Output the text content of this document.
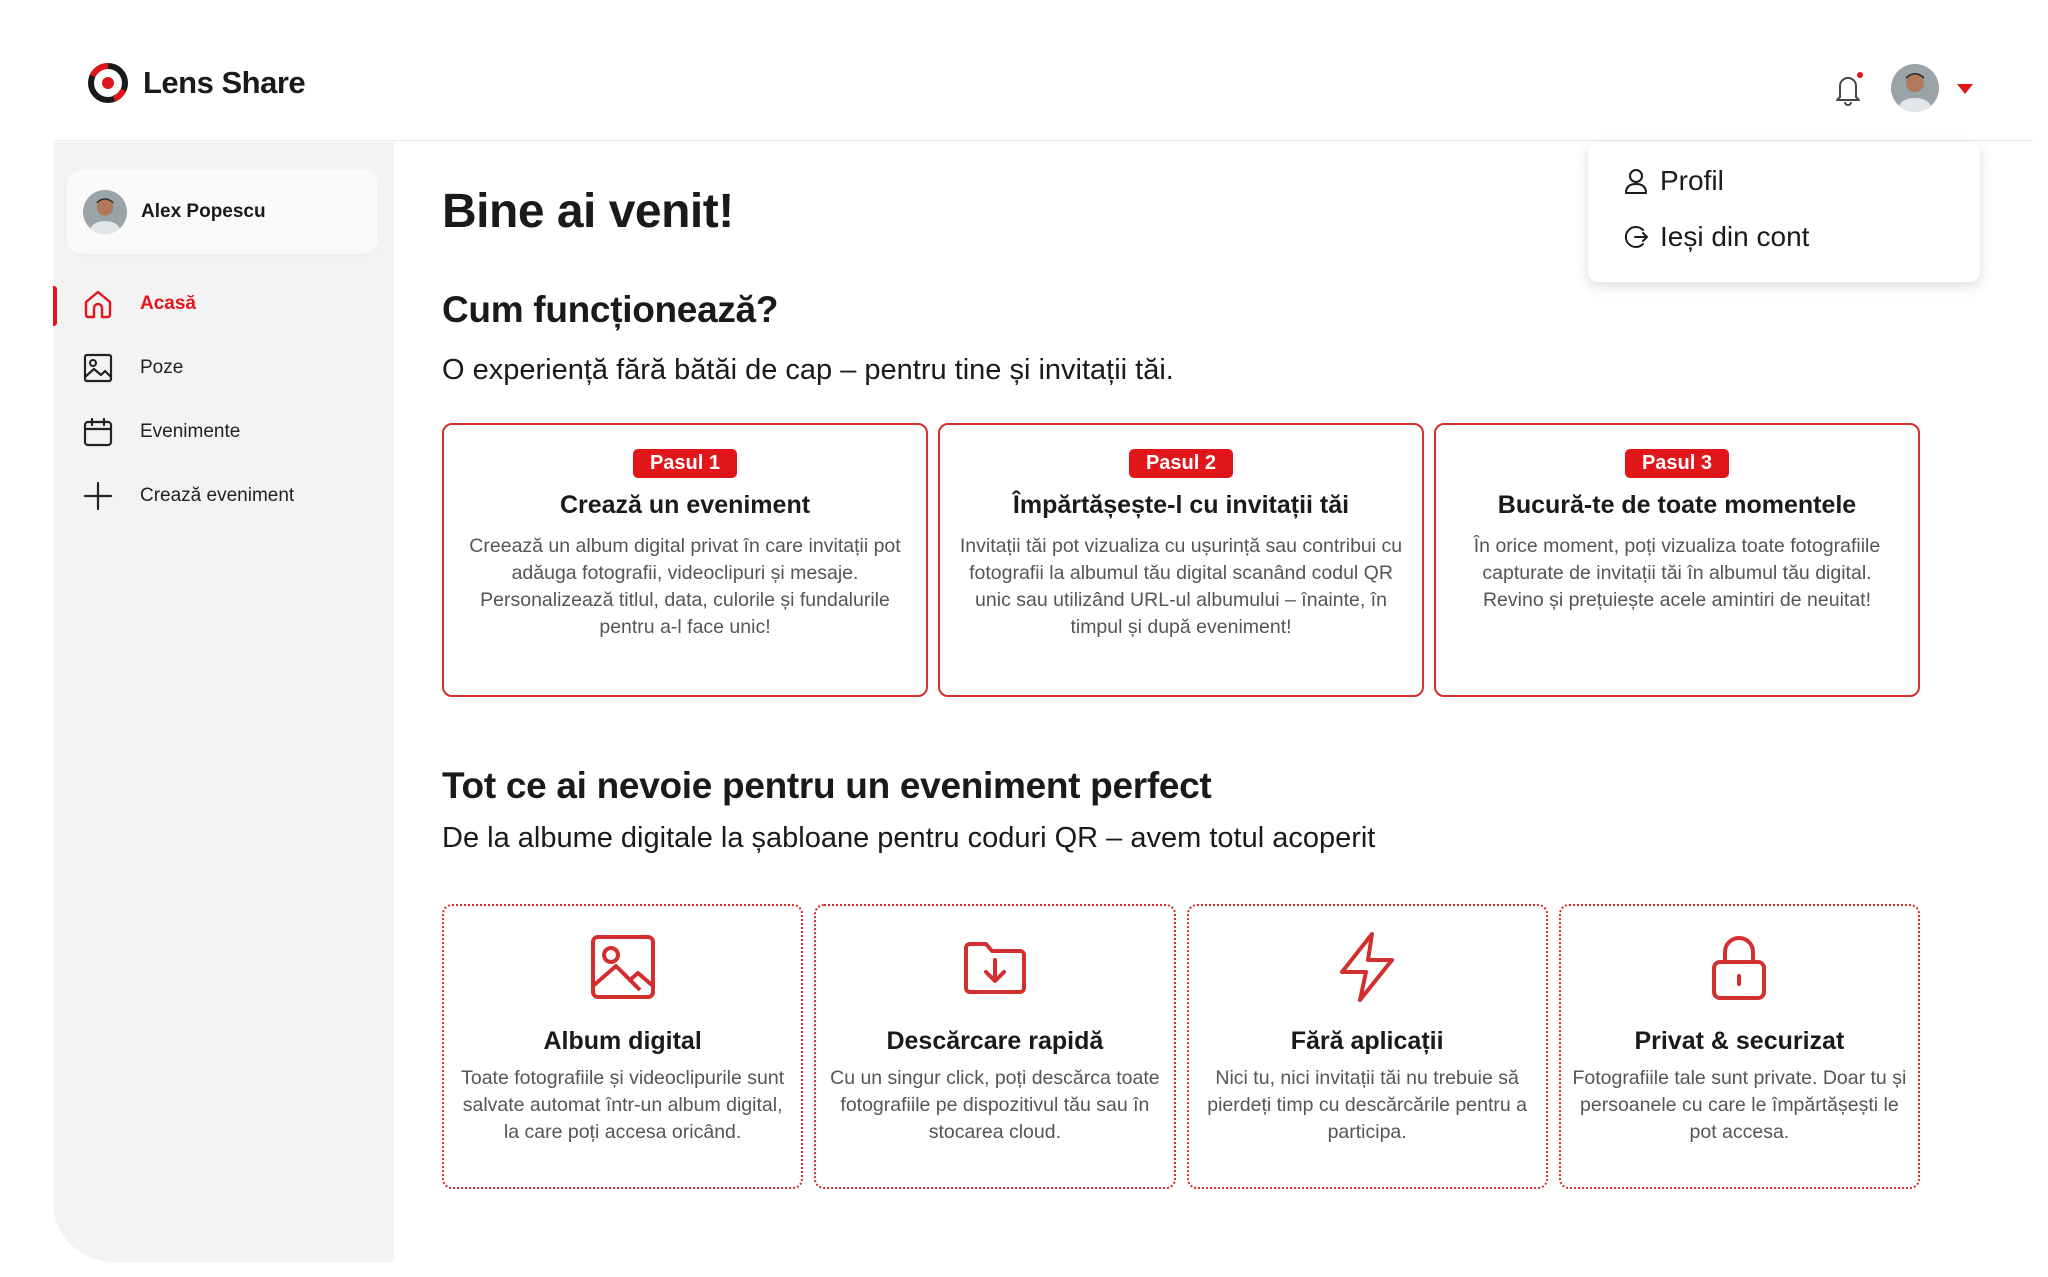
Lens Share
Profil
Ieși din cont
Alex Popescu
Acasă
Poze
Evenimente
Crează eveniment
Bine ai venit!
Cum funcționează?

O experiență fără bătăi de cap – pentru tine și invitații tăi.

Pasul 1
Crează un eveniment

Creează un album digital privat în care invitații pot adăuga fotografii, videoclipuri și mesaje. Personalizează titlul, data, culorile și fundalurile pentru a-l face unic!

Pasul 2
Împărtășește-l cu invitații tăi

Invitații tăi pot vizualiza cu ușurință sau contribui cu fotografii la albumul tău digital scanând codul QR unic sau utilizând URL-ul albumului – înainte, în timpul și după eveniment!

Pasul 3
Bucură-te de toate momentele

În orice moment, poți vizualiza toate fotografiile capturate de invitații tăi în albumul tău digital. Revino și prețuiește acele amintiri de neuitat!

Tot ce ai nevoie pentru un eveniment perfect

De la albume digitale la șabloane pentru coduri QR – avem totul acoperit

Album digital

Toate fotografiile și videoclipurile sunt salvate automat într-un album digital, la care poți accesa oricând.

Descărcare rapidă

Cu un singur click, poți descărca toate fotografiile pe dispozitivul tău sau în stocarea cloud.

Fără aplicații

Nici tu, nici invitații tăi nu trebuie să pierdeți timp cu descărcările pentru a participa.

Privat & securizat

Fotografiile tale sunt private. Doar tu și persoanele cu care le împărtășești le pot accesa.
